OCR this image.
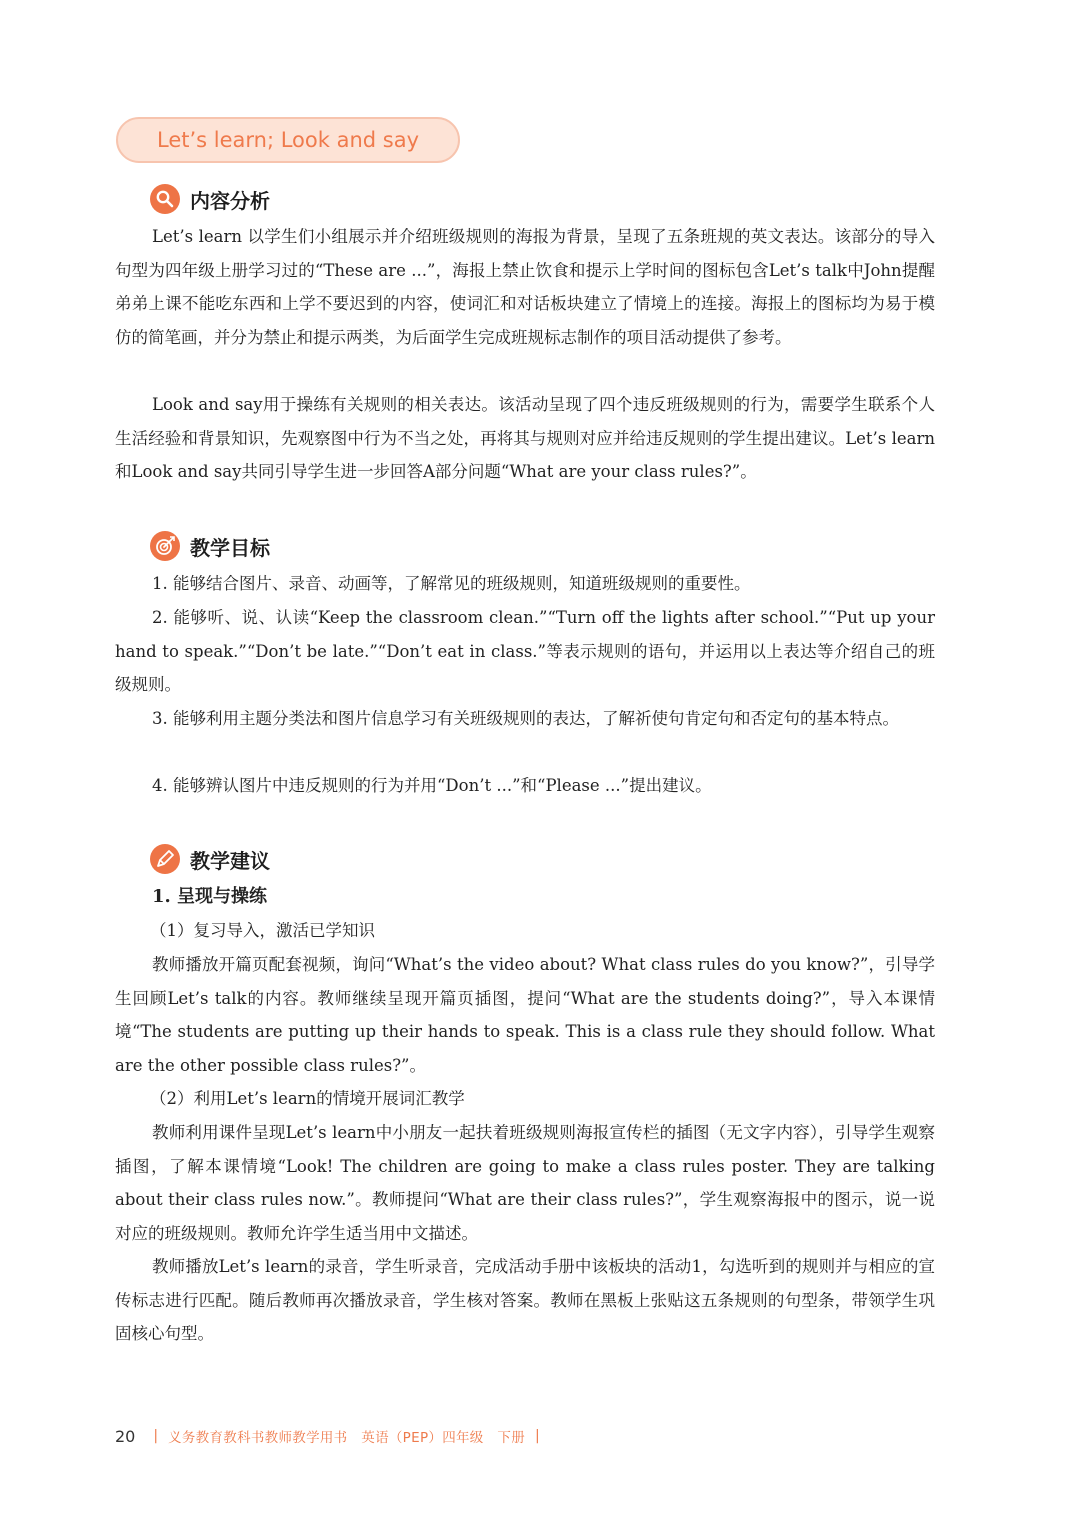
Let’s learn; Look and say
内容分析

Let’s learn 以学生们小组展示并介绍班级规则的海报为背景，呈现了五条班规的英文表达。该部分的导入句型为四年级上册学习过的“These are ...”，海报上禁止饮食和提示上学时间的图标包含Let’s talk中John提醒弟弟上课不能吃东西和上学不要迟到的内容，使词汇和对话板块建立了情境上的连接。海报上的图标均为易于模仿的简笔画，并分为禁止和提示两类，为后面学生完成班规标志制作的项目活动提供了参考。

Look and say用于操练有关规则的相关表达。该活动呈现了四个违反班级规则的行为，需要学生联系个人生活经验和背景知识，先观察图中行为不当之处，再将其与规则对应并给违反规则的学生提出建议。Let’s learn 和Look and say共同引导学生进一步回答A部分问题“What are your class rules?”。

教学目标

1. 能够结合图片、录音、动画等，了解常见的班级规则，知道班级规则的重要性。

2. 能够听、说、认读“Keep the classroom clean.”“Turn off the lights after school.”“Put up your hand to speak.”“Don’t be late.”“Don’t eat in class.”等表示规则的语句，并运用以上表达等介绍自己的班级规则。

3. 能够利用主题分类法和图片信息学习有关班级规则的表达，了解祈使句肯定句和否定句的基本特点。

4. 能够辨认图片中违反规则的行为并用“Don’t ...”和“Please ...”提出建议。

教学建议

1. 呈现与操练

（1）复习导入，激活已学知识

教师播放开篇页配套视频，询问“What’s the video about? What class rules do you know?”，引导学生回顾Let’s talk的内容。教师继续呈现开篇页插图，提问“What are the students doing?”，导入本课情境“The students are putting up their hands to speak. This is a class rule they should follow. What are the other possible class rules?”。

（2）利用Let’s learn的情境开展词汇教学

教师利用课件呈现Let’s learn中小朋友一起扶着班级规则海报宣传栏的插图（无文字内容），引导学生观察插图，了解本课情境“Look! The children are going to make a class rules poster. They are talking about their class rules now.”。教师提问“What are their class rules?”，学生观察海报中的图示，说一说对应的班级规则。教师允许学生适当用中文描述。

教师播放Let’s learn的录音，学生听录音，完成活动手册中该板块的活动1，勾选听到的规则并与相应的宣传标志进行匹配。随后教师再次播放录音，学生核对答案。教师在黑板上张贴这五条规则的句型条，带领学生巩固核心句型。

20 | 义务教育教科书教师教学用书　英语（PEP）四年级　下册 |
